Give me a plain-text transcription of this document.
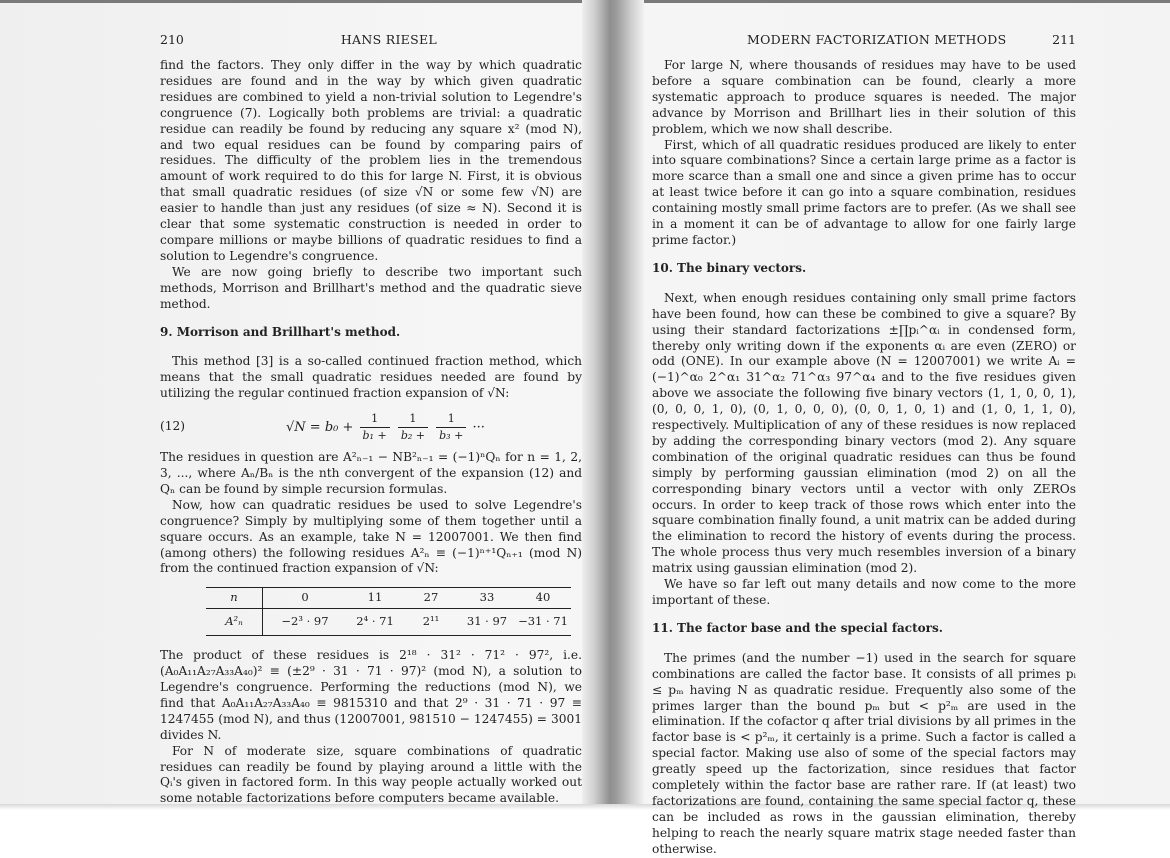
210	HANS RIESEL

find the factors. They only differ in the way by which quadratic residues are found and in the way by which given quadratic residues are combined to yield a non-trivial solution to Legendre's congruence (7). Logically both problems are trivial: a quadratic residue can readily be found by reducing any square x² (mod N), and two equal residues can be found by comparing pairs of residues. The difficulty of the problem lies in the tremendous amount of work required to do this for large N. First, it is obvious that small quadratic residues (of size √N or some few √N) are easier to handle than just any residues (of size ≈ N). Second it is clear that some systematic construction is needed in order to compare millions or maybe billions of quadratic residues to find a solution to Legendre's congruence.

We are now going briefly to describe two important such methods, Morrison and Brillhart's method and the quadratic sieve method.

9. Morrison and Brillhart's method.

This method [3] is a so-called continued fraction method, which means that the small quadratic residues needed are found by utilizing the regular continued fraction expansion of √N:

(12)	$√N = b_0 + \frac{1}{\text{b₁ +}}$
$\frac{1}{\text{b₂ +}}$
$\frac{1}{\text{b₃ +}}$ ···

The residues in question are A²ₙ₋₁ − NB²ₙ₋₁ = (−1)ⁿQₙ for n = 1, 2, 3, ..., where Aₙ/Bₙ is the nth convergent of the expansion (12) and Qₙ can be found by simple recursion formulas.

Now, how can quadratic residues be used to solve Legendre's congruence? Simply by multiplying some of them together until a square occurs. As an example, take N = 12007001. We then find (among others) the following residues A²ₙ ≡ (−1)ⁿ⁺¹Qₙ₊₁ (mod N) from the continued fraction expansion of √N:

n	0	11	27	33	40
A²ₙ	−2³ · 97	2⁴ · 71	2¹¹	31 · 97	−31 · 71

The product of these residues is 2¹⁸ · 31² · 71² · 97², i.e. (A₀A₁₁A₂₇A₃₃A₄₀)² ≡ (±2⁹ · 31 · 71 · 97)² (mod N), a solution to Legendre's congruence. Performing the reductions (mod N), we find that A₀A₁₁A₂₇A₃₃A₄₀ ≡ 9815310 and that 2⁹ · 31 · 71 · 97 ≡ 1247455 (mod N), and thus (12007001, 981510 − 1247455) = 3001 divides N.

For N of moderate size, square combinations of quadratic residues can readily be found by playing around a little with the Qᵢ's given in factored form. In this way people actually worked out some notable factorizations before computers became available.

MODERN FACTORIZATION METHODS	211

For large N, where thousands of residues may have to be used before a square combination can be found, clearly a more systematic approach to produce squares is needed. The major advance by Morrison and Brillhart lies in their solution of this problem, which we now shall describe.

First, which of all quadratic residues produced are likely to enter into square combinations? Since a certain large prime as a factor is more scarce than a small one and since a given prime has to occur at least twice before it can go into a square combination, residues containing mostly small prime factors are to prefer. (As we shall see in a moment it can be of advantage to allow for one fairly large prime factor.)

10. The binary vectors.

Next, when enough residues containing only small prime factors have been found, how can these be combined to give a square? By using their standard factorizations ±∏pᵢ^αᵢ in condensed form, thereby only writing down if the exponents αᵢ are even (ZERO) or odd (ONE). In our example above (N = 12007001) we write Aᵢ = (−1)^α₀ 2^α₁ 31^α₂ 71^α₃ 97^α₄ and to the five residues given above we associate the following five binary vectors (1, 1, 0, 0, 1), (0, 0, 0, 1, 0), (0, 1, 0, 0, 0), (0, 0, 1, 0, 1) and (1, 0, 1, 1, 0), respectively. Multiplication of any of these residues is now replaced by adding the corresponding binary vectors (mod 2). Any square combination of the original quadratic residues can thus be found simply by performing gaussian elimination (mod 2) on all the corresponding binary vectors until a vector with only ZEROs occurs. In order to keep track of those rows which enter into the square combination finally found, a unit matrix can be added during the elimination to record the history of events during the process. The whole process thus very much resembles inversion of a binary matrix using gaussian elimination (mod 2).

We have so far left out many details and now come to the more important of these.

11. The factor base and the special factors.

The primes (and the number −1) used in the search for square combinations are called the factor base. It consists of all primes pᵢ ≤ pₘ having N as quadratic residue. Frequently also some of the primes larger than the bound pₘ but < p²ₘ are used in the elimination. If the cofactor q after trial divisions by all primes in the factor base is < p²ₘ, it certainly is a prime. Such a factor is called a special factor. Making use also of some of the special factors may greatly speed up the factorization, since residues that factor completely within the factor base are rather rare. If (at least) two factorizations are found, containing the same special factor q, these can be included as rows in the gaussian elimination, thereby helping to reach the nearly square matrix stage needed faster than otherwise.
